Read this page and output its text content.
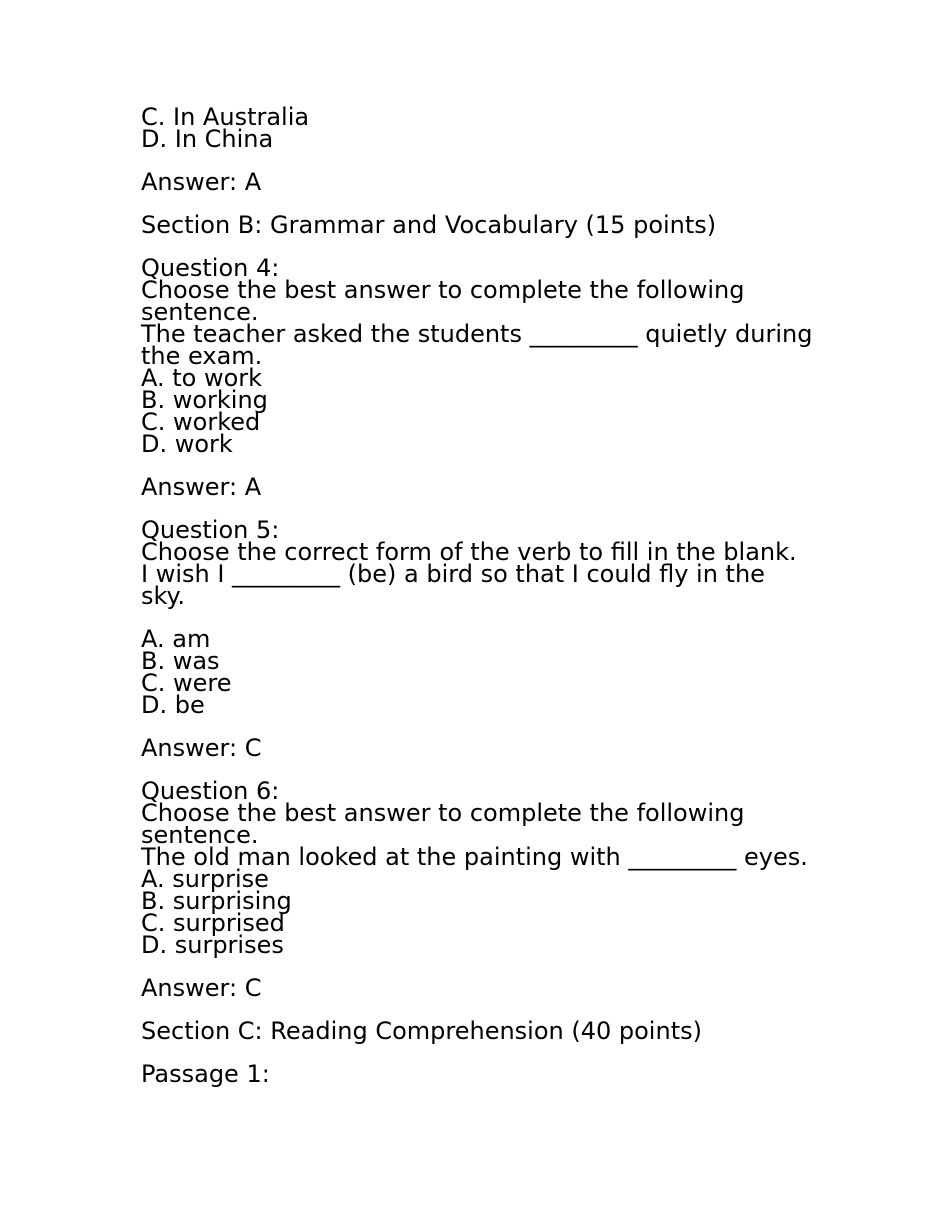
C. In Australia
D. In China
Answer: A
Section B: Grammar and Vocabulary (15 points)
Question 4:
Choose the best answer to complete the following
sentence.
The teacher asked the students _________ quietly during
the exam.
A. to work
B. working
C. worked
D. work
Answer: A
Question 5:
Choose the correct form of the verb to fill in the blank.
I wish I _________ (be) a bird so that I could fly in the
sky.
A. am
B. was
C. were
D. be
Answer: C
Question 6:
Choose the best answer to complete the following
sentence.
The old man looked at the painting with _________ eyes.
A. surprise
B. surprising
C. surprised
D. surprises
Answer: C
Section C: Reading Comprehension (40 points)
Passage 1:
